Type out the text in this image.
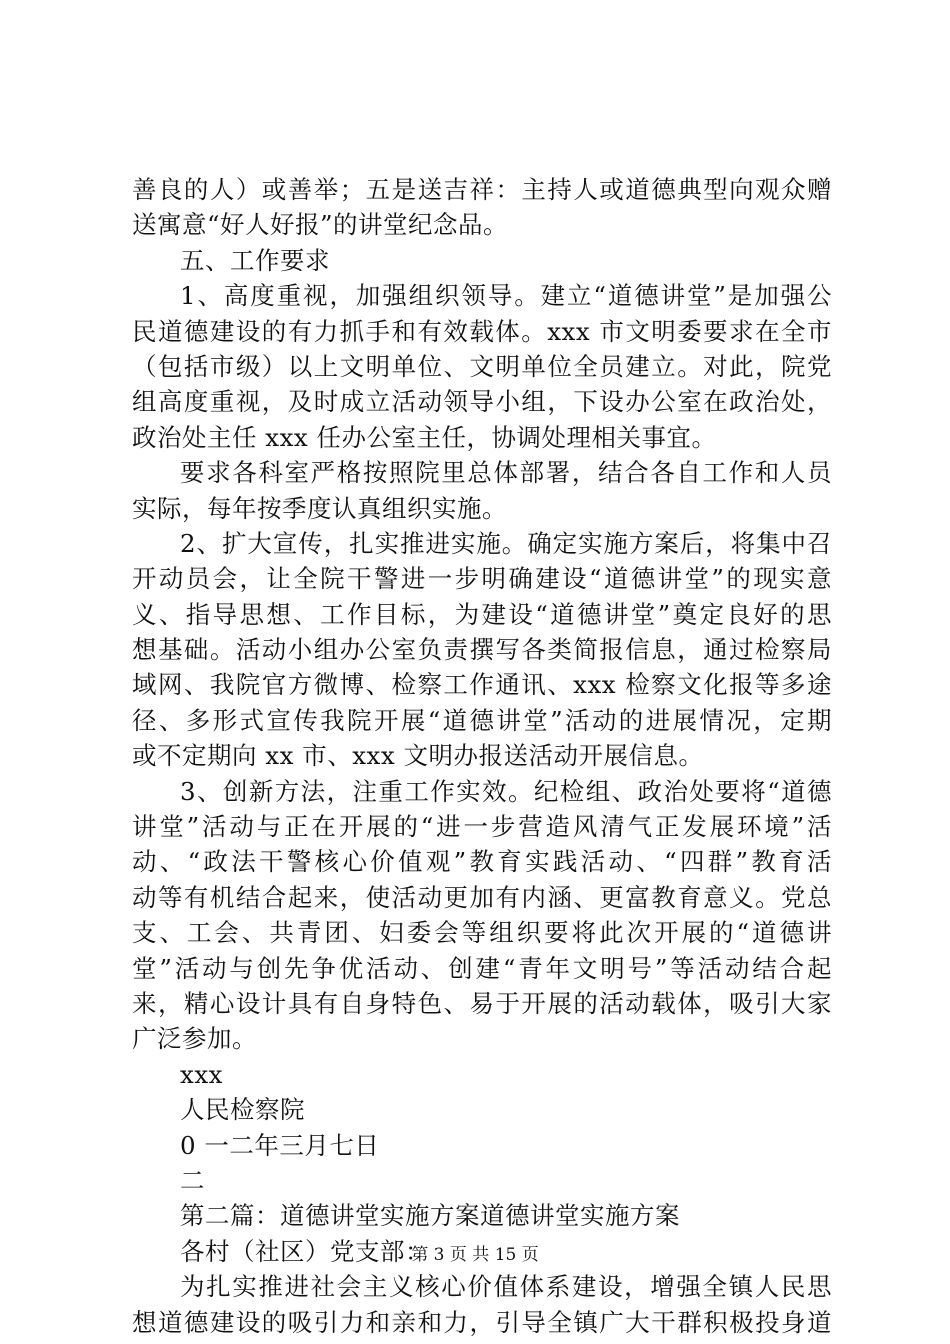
善良的人）或善举；五是送吉祥：主持人或道德典型向观众赠
送寓意“好人好报”的讲堂纪念品。
五、工作要求
1、高度重视，加强组织领导。建立“道德讲堂”是加强公
民道德建设的有力抓手和有效载体。xxx 市文明委要求在全市
（包括市级）以上文明单位、文明单位全员建立。对此，院党
组高度重视，及时成立活动领导小组，下设办公室在政治处，
政治处主任 xxx 任办公室主任，协调处理相关事宜。
要求各科室严格按照院里总体部署，结合各自工作和人员
实际，每年按季度认真组织实施。
2、扩大宣传，扎实推进实施。确定实施方案后，将集中召
开动员会，让全院干警进一步明确建设“道德讲堂”的现实意
义、指导思想、工作目标，为建设“道德讲堂”奠定良好的思
想基础。活动小组办公室负责撰写各类简报信息，通过检察局
域网、我院官方微博、检察工作通讯、xxx 检察文化报等多途
径、多形式宣传我院开展“道德讲堂”活动的进展情况，定期
或不定期向 xx 市、xxx 文明办报送活动开展信息。
3、创新方法，注重工作实效。纪检组、政治处要将“道德
讲堂”活动与正在开展的“进一步营造风清气正发展环境”活
动、“政法干警核心价值观”教育实践活动、“四群”教育活
动等有机结合起来，使活动更加有内涵、更富教育意义。党总
支、工会、共青团、妇委会等组织要将此次开展的“道德讲
堂”活动与创先争优活动、创建“青年文明号”等活动结合起
来，精心设计具有自身特色、易于开展的活动载体，吸引大家
广泛参加。
xxx
人民检察院
0 一二年三月七日
二
第二篇：道德讲堂实施方案道德讲堂实施方案
各村（社区）党支部：
为扎实推进社会主义核心价值体系建设，增强全镇人民思
想道德建设的吸引力和亲和力，引导全镇广大干群积极投身道
第 3 页 共 15 页
